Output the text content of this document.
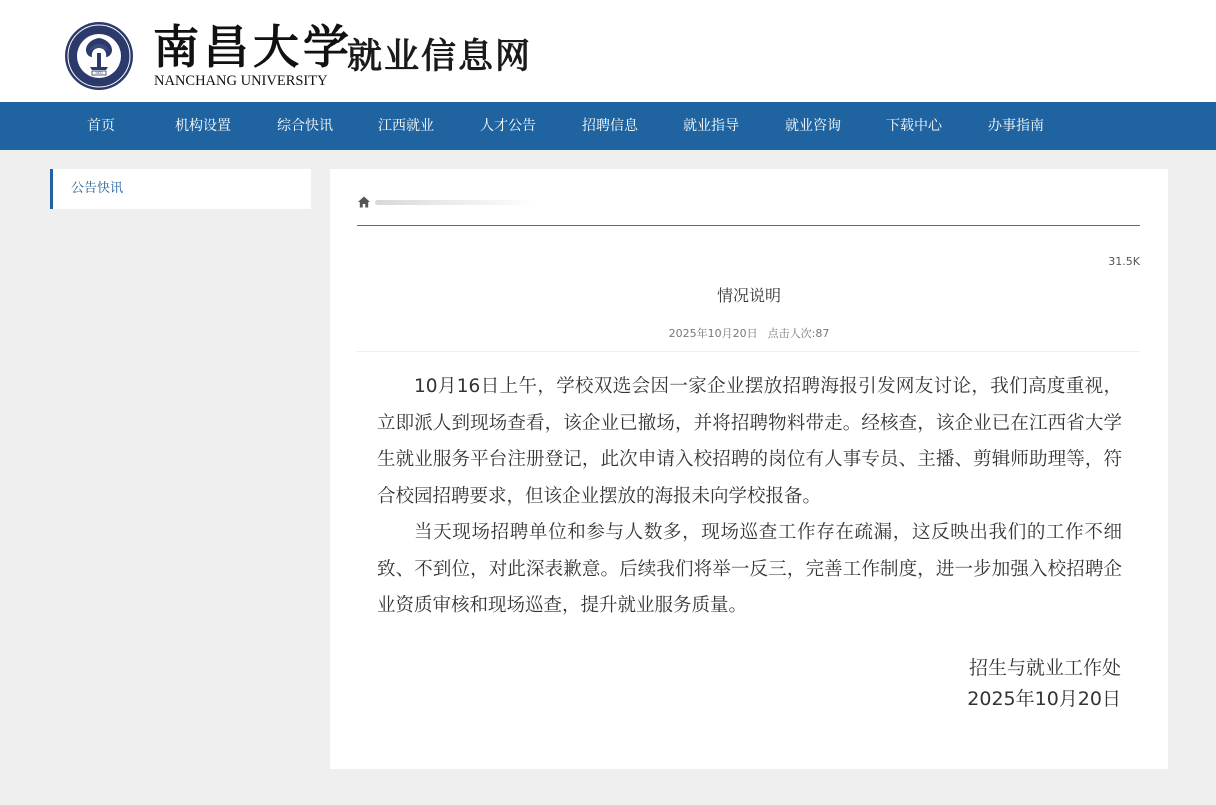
1921 南昌大学
NANCHANG UNIVERSITY
就业信息网
首页	机构设置	综合快讯	江西就业	人才公告	招聘信息	就业指导	就业咨询	下载中心	办事指南
公告快讯
31.5K
情况说明
2025年10月20日 点击人次:87

10月16日上午，学校双选会因一家企业摆放招聘海报引发网友讨论，我们高度重视，立即派人到现场查看，该企业已撤场，并将招聘物料带走。经核查，该企业已在江西省大学生就业服务平台注册登记，此次申请入校招聘的岗位有人事专员、主播、剪辑师助理等，符合校园招聘要求，但该企业摆放的海报未向学校报备。

当天现场招聘单位和参与人数多，现场巡查工作存在疏漏，这反映出我们的工作不细致、不到位，对此深表歉意。后续我们将举一反三，完善工作制度，进一步加强入校招聘企业资质审核和现场巡查，提升就业服务质量。

招生与就业工作处
2025年10月20日
